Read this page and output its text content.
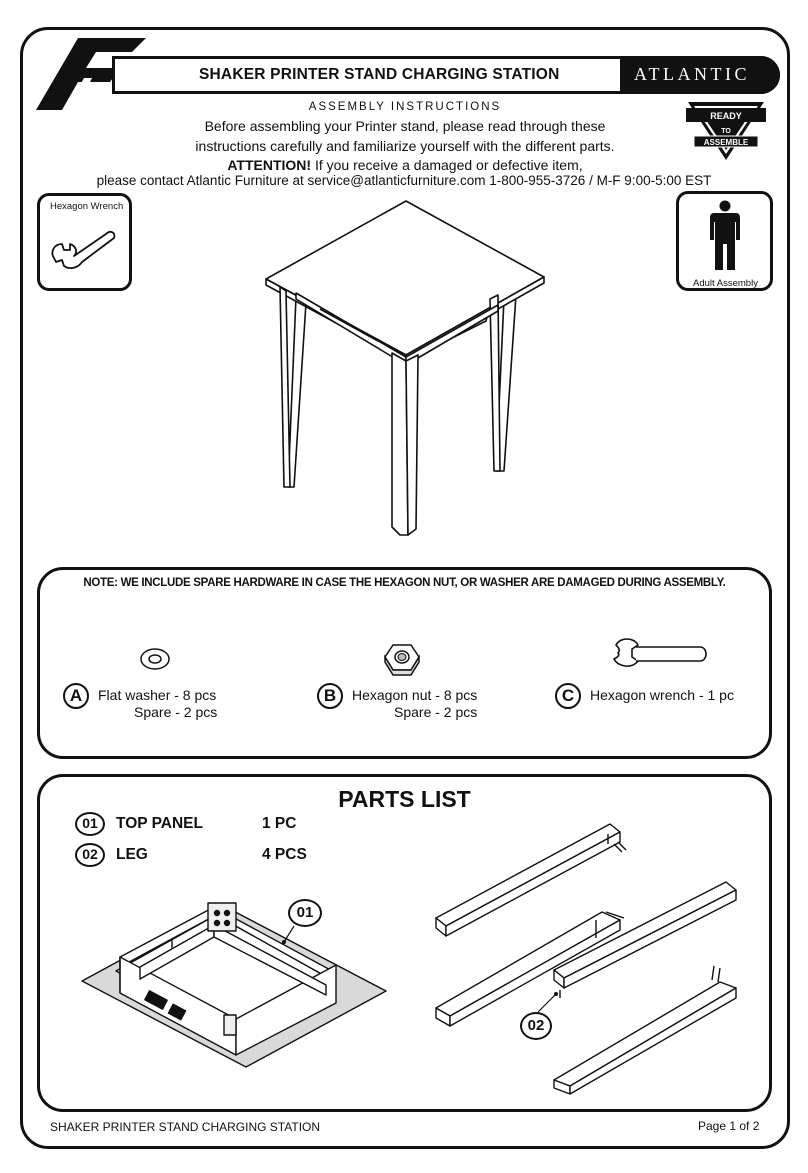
SHAKER PRINTER STAND CHARGING STATION	ATLANTIC
READY
TO
ASSEMBLE
ASSEMBLY INSTRUCTIONS
Before assembling your Printer stand, please read through these
instructions carefully and familiarize yourself with the different parts.
ATTENTION! If you receive a damaged or defective item,
please contact Atlantic Furniture at service@atlanticfurniture.com 1-800-955-3726 / M-F 9:00-5:00 EST
Hexagon Wrench
Adult Assembly
NOTE: WE INCLUDE SPARE HARDWARE IN CASE THE HEXAGON NUT, OR WASHER ARE DAMAGED DURING ASSEMBLY.
A	Flat washer - 8 pcs
Spare - 2 pcs
B	Hexagon nut - 8 pcs
Spare - 2 pcs
C	Hexagon wrench - 1 pc
PARTS LIST
01	TOP PANEL	1 PC
02	LEG	4 PCS
01
02
SHAKER PRINTER STAND CHARGING STATION	Page 1 of 2
